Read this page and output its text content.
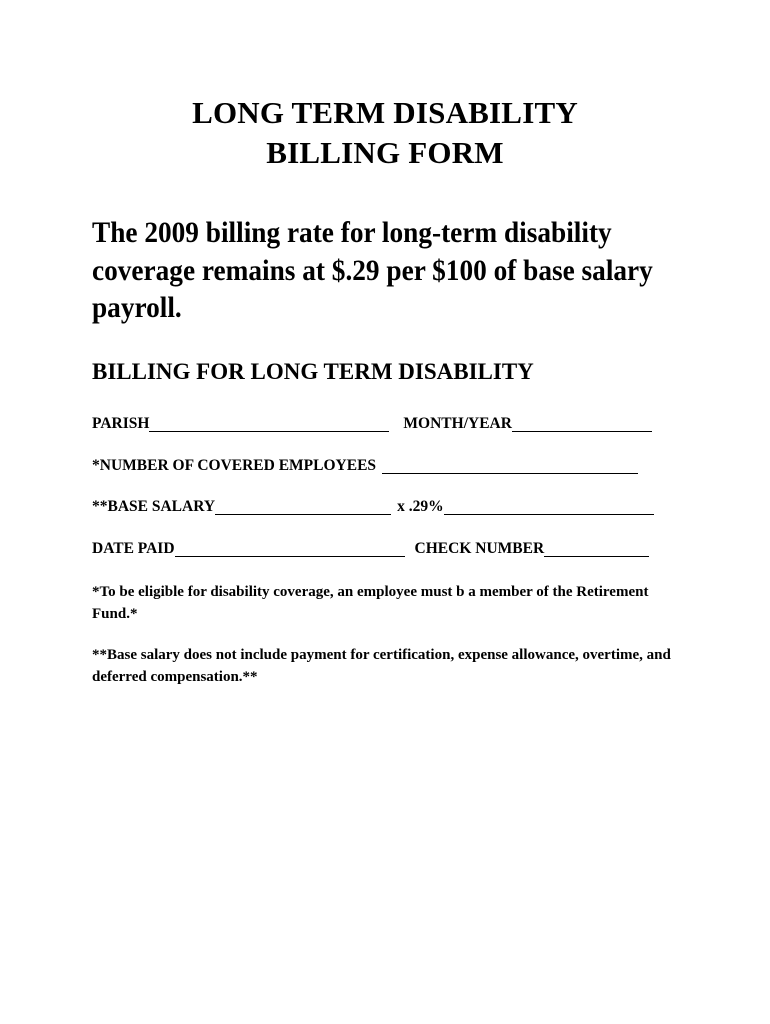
LONG TERM DISABILITY
BILLING FORM
The 2009 billing rate for long-term disability coverage remains at $.29 per $100 of base salary payroll.
BILLING FOR LONG TERM DISABILITY
PARISH	MONTH/YEAR
*NUMBER OF COVERED EMPLOYEES
**BASE SALARY	x .29%
DATE PAID	CHECK NUMBER
*To be eligible for disability coverage, an employee must b a member of the Retirement Fund.*
**Base salary does not include payment for certification, expense allowance, overtime, and deferred compensation.**
